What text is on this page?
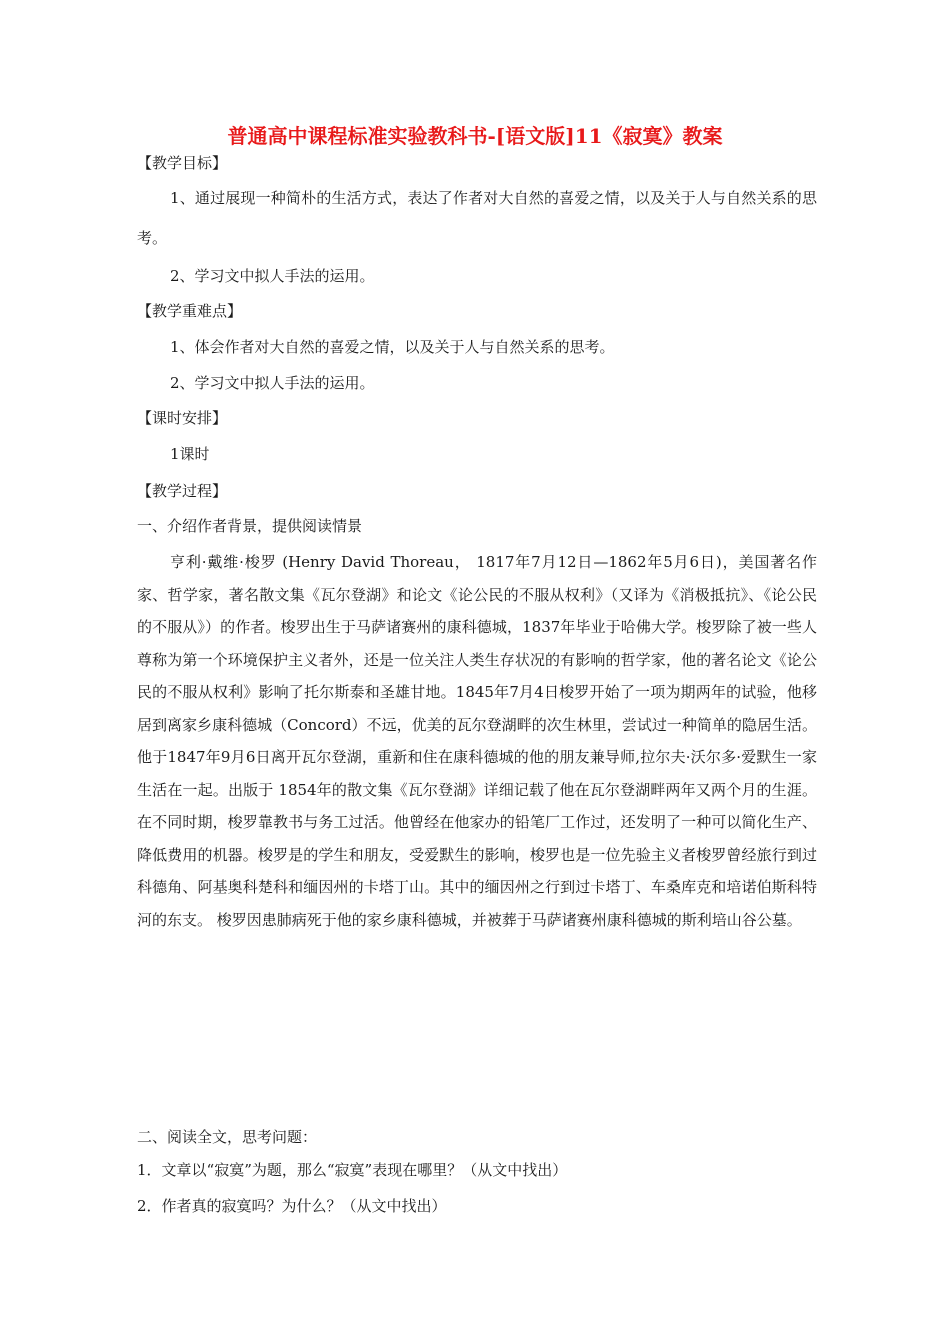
普通高中课程标准实验教科书-[语文版]11《寂寞》教案
【教学目标】
1、通过展现一种简朴的生活方式，表达了作者对大自然的喜爱之情，以及关于人与自然关系的思考。
2、学习文中拟人手法的运用。
【教学重难点】
1、体会作者对大自然的喜爱之情，以及关于人与自然关系的思考。
2、学习文中拟人手法的运用。
【课时安排】
1课时
【教学过程】
一、介绍作者背景，提供阅读情景
亨利·戴维·梭罗 (Henry David Thoreau， 1817年7月12日—1862年5月6日)，美国著名作家、哲学家，著名散文集《瓦尔登湖》和论文《论公民的不服从权利》（又译为《消极抵抗》、《论公民的不服从》）的作者。梭罗出生于马萨诸赛州的康科德城，1837年毕业于哈佛大学。梭罗除了被一些人尊称为第一个环境保护主义者外，还是一位关注人类生存状况的有影响的哲学家，他的著名论文《论公民的不服从权利》影响了托尔斯泰和圣雄甘地。1845年7月4日梭罗开始了一项为期两年的试验，他移居到离家乡康科德城（Concord）不远，优美的瓦尔登湖畔的次生林里，尝试过一种简单的隐居生活。他于1847年9月6日离开瓦尔登湖，重新和住在康科德城的他的朋友兼导师,拉尔夫·沃尔多·爱默生一家生活在一起。出版于 1854年的散文集《瓦尔登湖》详细记载了他在瓦尔登湖畔两年又两个月的生涯。 在不同时期，梭罗靠教书与务工过活。他曾经在他家办的铅笔厂工作过，还发明了一种可以简化生产、降低费用的机器。梭罗是的学生和朋友，受爱默生的影响，梭罗也是一位先验主义者梭罗曾经旅行到过科德角、阿基奥科楚科和缅因州的卡塔丁山。其中的缅因州之行到过卡塔丁、车桑库克和培诺伯斯科特河的东支。 梭罗因患肺病死于他的家乡康科德城，并被葬于马萨诸赛州康科德城的斯利培山谷公墓。
二、阅读全文，思考问题：
1．文章以“寂寞”为题，那么“寂寞”表现在哪里？（从文中找出）
2．作者真的寂寞吗？为什么？（从文中找出）
